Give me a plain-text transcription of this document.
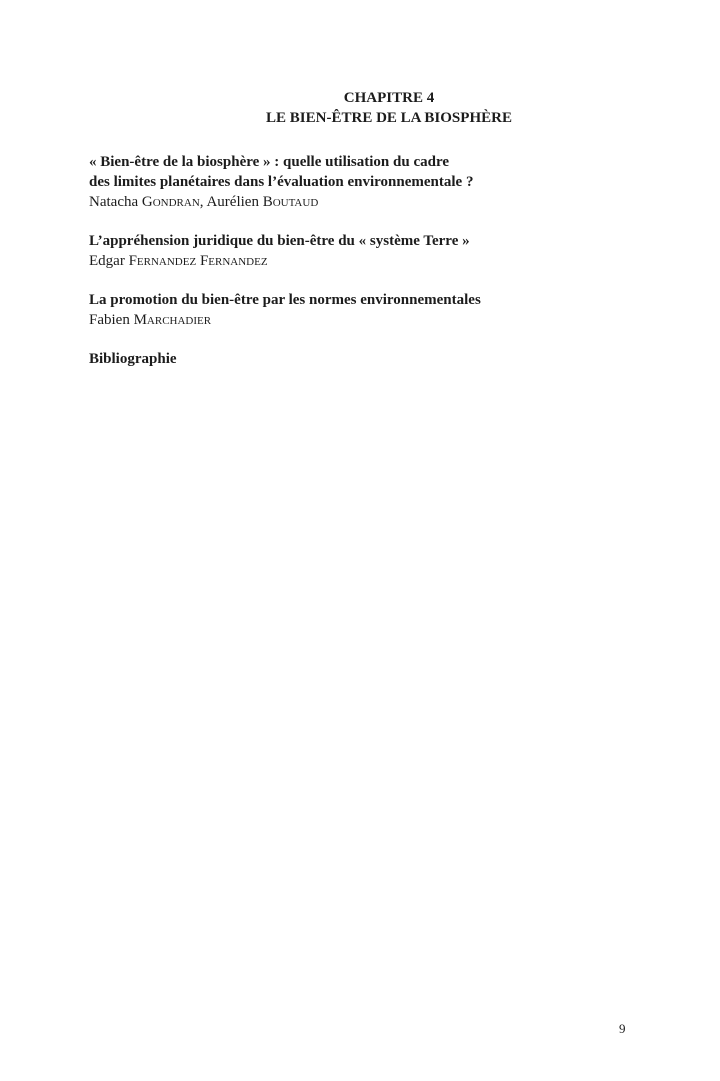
CHAPITRE 4
LE BIEN-ÊTRE DE LA BIOSPHÈRE
« Bien-être de la biosphère » : quelle utilisation du cadre
des limites planétaires dans l’évaluation environnementale ?
Natacha Gondran, Aurélien Boutaud
L’appréhension juridique du bien-être du « système Terre »
Edgar Fernandez Fernandez
La promotion du bien-être par les normes environnementales
Fabien Marchadier
Bibliographie
9
